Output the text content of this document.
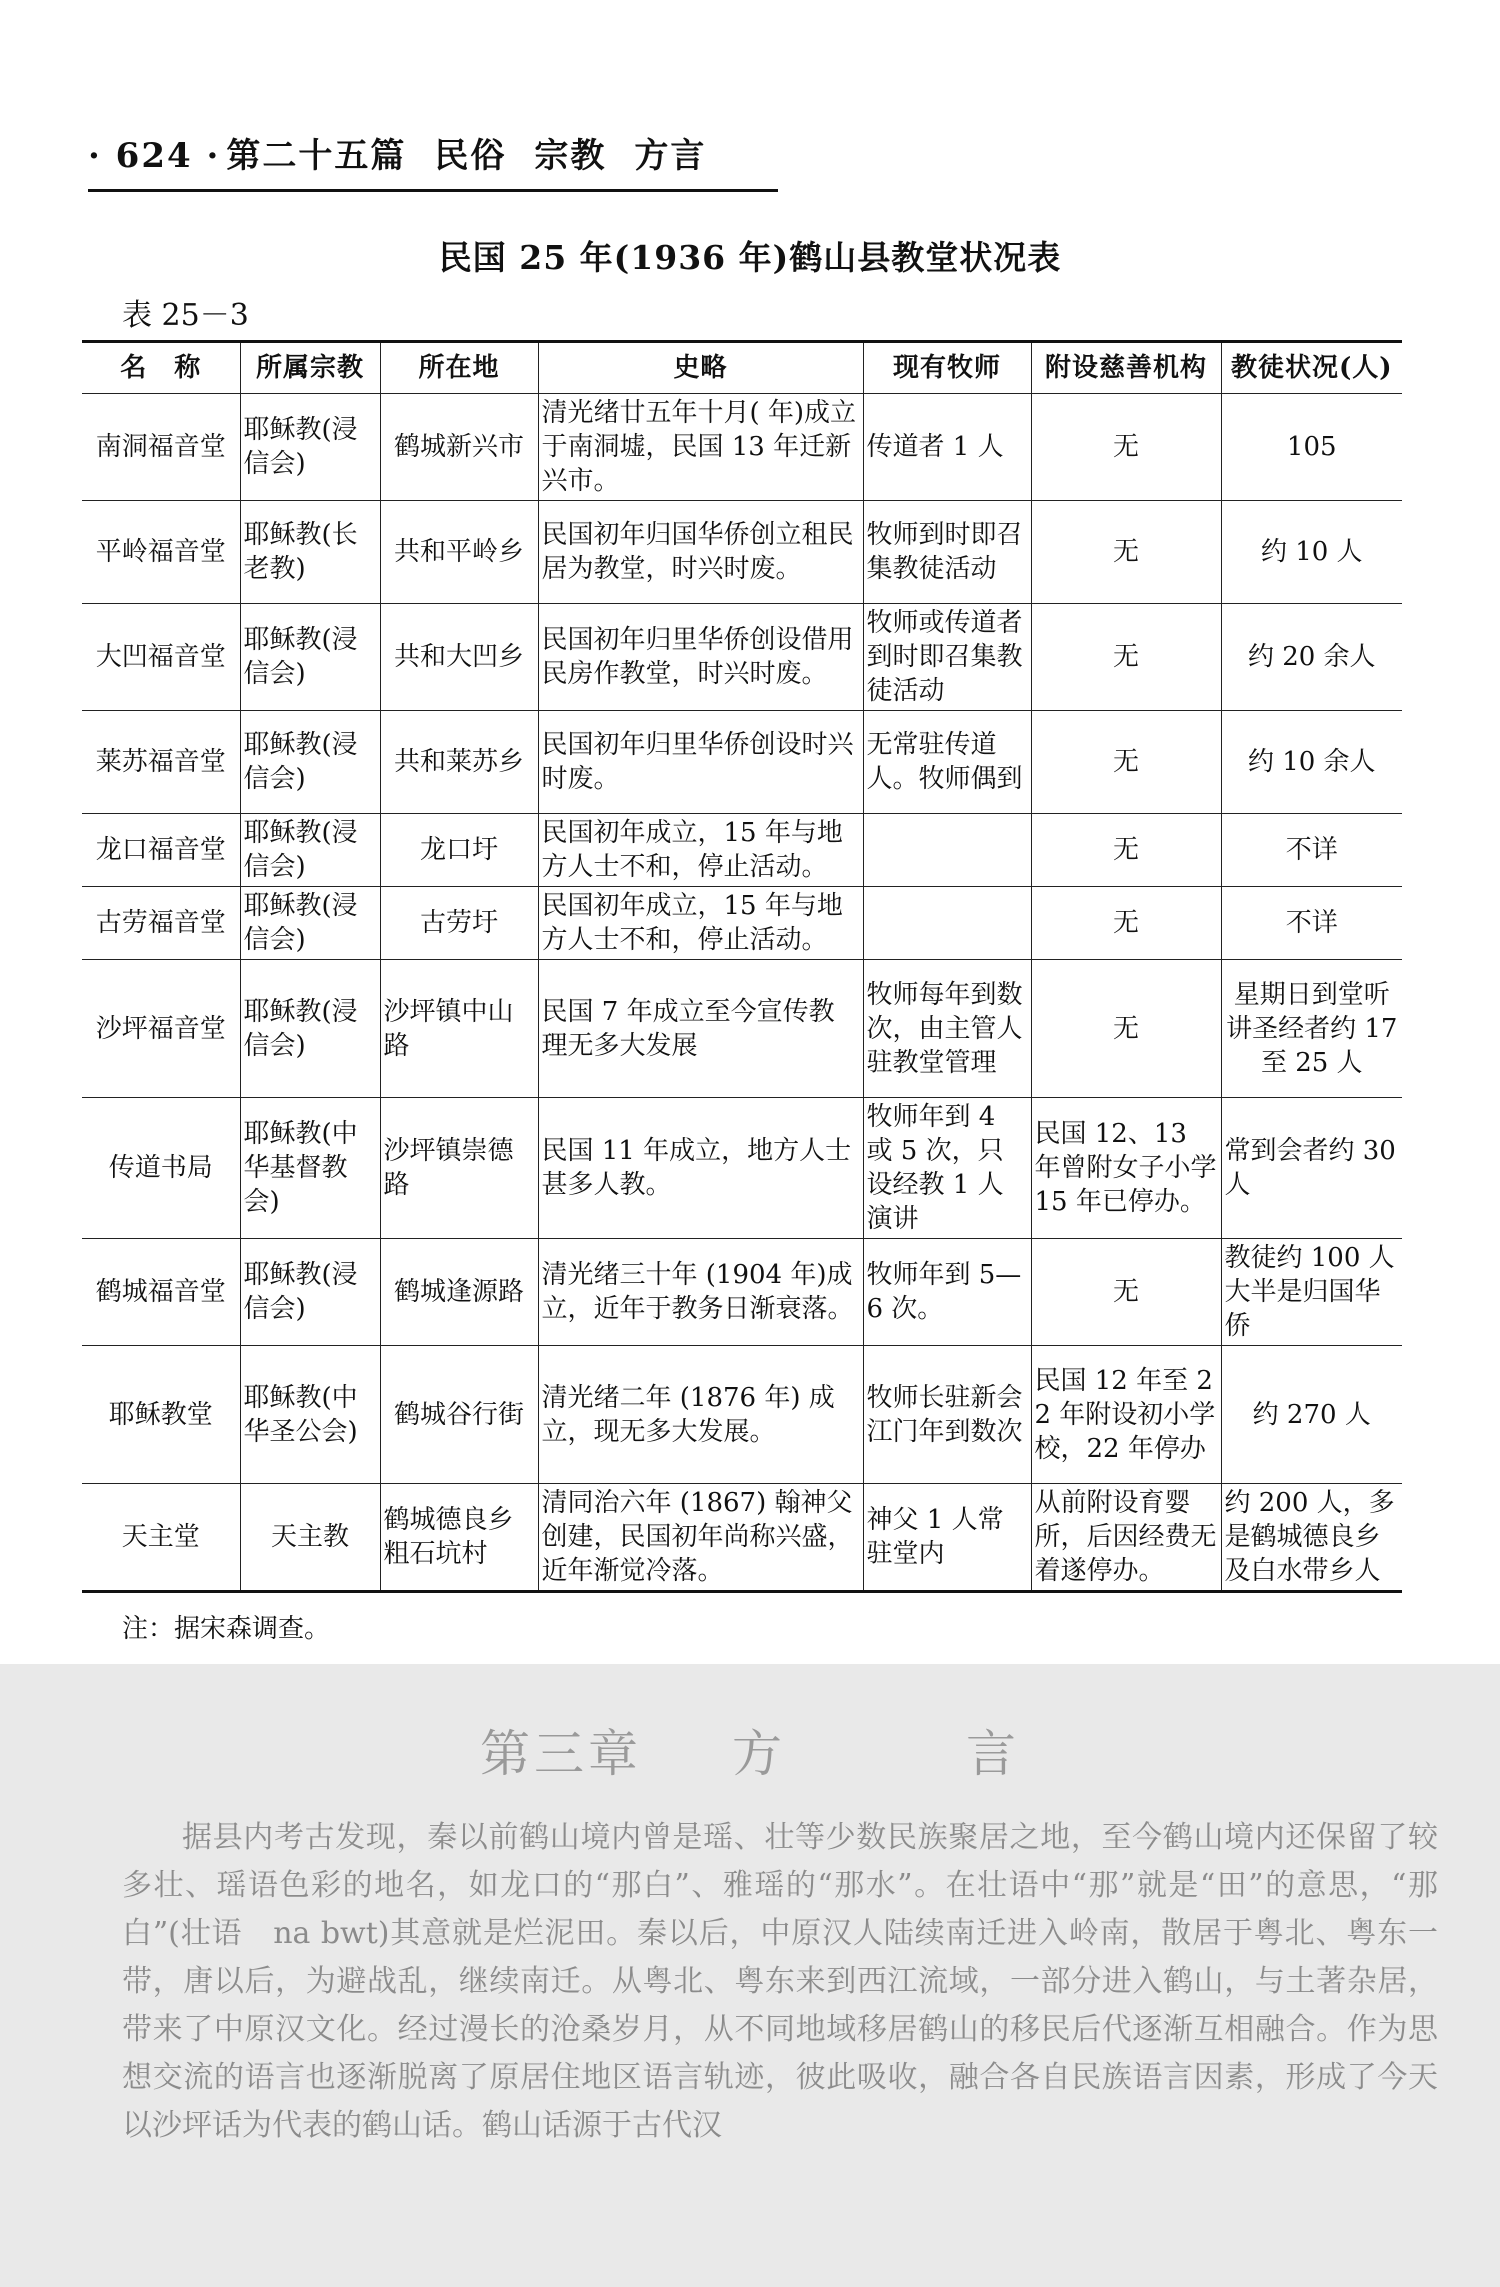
· 624 · 第二十五篇 民俗 宗教 方言
民国 25 年(1936 年)鹤山县教堂状况表
表 25－3
名　称	所属宗教	所在地	史略	现有牧师	附设慈善机构	教徒状况(人)
南洞福音堂	耶稣教(浸信会)	鹤城新兴市	清光绪廿五年十月( 年)成立于南洞墟，民国 13 年迁新兴市。	传道者 1 人	无	105
平岭福音堂	耶稣教(长老教)	共和平岭乡	民国初年归国华侨创立租民居为教堂，时兴时废。	牧师到时即召集教徒活动	无	约 10 人
大凹福音堂	耶稣教(浸信会)	共和大凹乡	民国初年归里华侨创设借用民房作教堂，时兴时废。	牧师或传道者到时即召集教徒活动	无	约 20 余人
莱苏福音堂	耶稣教(浸信会)	共和莱苏乡	民国初年归里华侨创设时兴时废。	无常驻传道人。牧师偶到	无	约 10 余人
龙口福音堂	耶稣教(浸信会)	龙口圩	民国初年成立，15 年与地方人士不和，停止活动。		无	不详
古劳福音堂	耶稣教(浸信会)	古劳圩	民国初年成立，15 年与地方人士不和，停止活动。		无	不详
沙坪福音堂	耶稣教(浸信会)	沙坪镇中山路	民国 7 年成立至今宣传教理无多大发展	牧师每年到数次，由主管人驻教堂管理	无	星期日到堂听讲圣经者约 17 至 25 人
传道书局	耶稣教(中华基督教会)	沙坪镇崇德路	民国 11 年成立，地方人士甚多人教。	牧师年到 4 或 5 次，只设经教 1 人演讲	民国 12、13 年曾附女子小学 15 年已停办。	常到会者约 30 人
鹤城福音堂	耶稣教(浸信会)	鹤城逢源路	清光绪三十年 (1904 年)成立，近年于教务日渐衰落。	牧师年到 5—6 次。	无	教徒约 100 人大半是归国华侨
耶稣教堂	耶稣教(中华圣公会)	鹤城谷行街	清光绪二年 (1876 年) 成立，现无多大发展。	牧师长驻新会江门年到数次	民国 12 年至 22 年附设初小学校，22 年停办	约 270 人
天主堂	天主教	鹤城德良乡粗石坑村	清同治六年 (1867) 翰神父创建，民国初年尚称兴盛，近年渐觉冷落。	神父 1 人常驻堂内	从前附设育婴所，后因经费无着遂停办。	约 200 人，多是鹤城德良乡及白水带乡人
注：据宋森调查。
第三章 方	言
据县内考古发现，秦以前鹤山境内曾是瑶、壮等少数民族聚居之地，至今鹤山境内还保留了较多壮、瑶语色彩的地名，如龙口的“那白”、雅瑶的“那水”。在壮语中“那”就是“田”的意思，“那白”(壮语　na bwt)其意就是烂泥田。秦以后，中原汉人陆续南迁进入岭南，散居于粤北、粤东一带，唐以后，为避战乱，继续南迁。从粤北、粤东来到西江流域，一部分进入鹤山，与土著杂居，带来了中原汉文化。经过漫长的沧桑岁月，从不同地域移居鹤山的移民后代逐渐互相融合。作为思想交流的语言也逐渐脱离了原居住地区语言轨迹，彼此吸收，融合各自民族语言因素，形成了今天以沙坪话为代表的鹤山话。鹤山话源于古代汉
